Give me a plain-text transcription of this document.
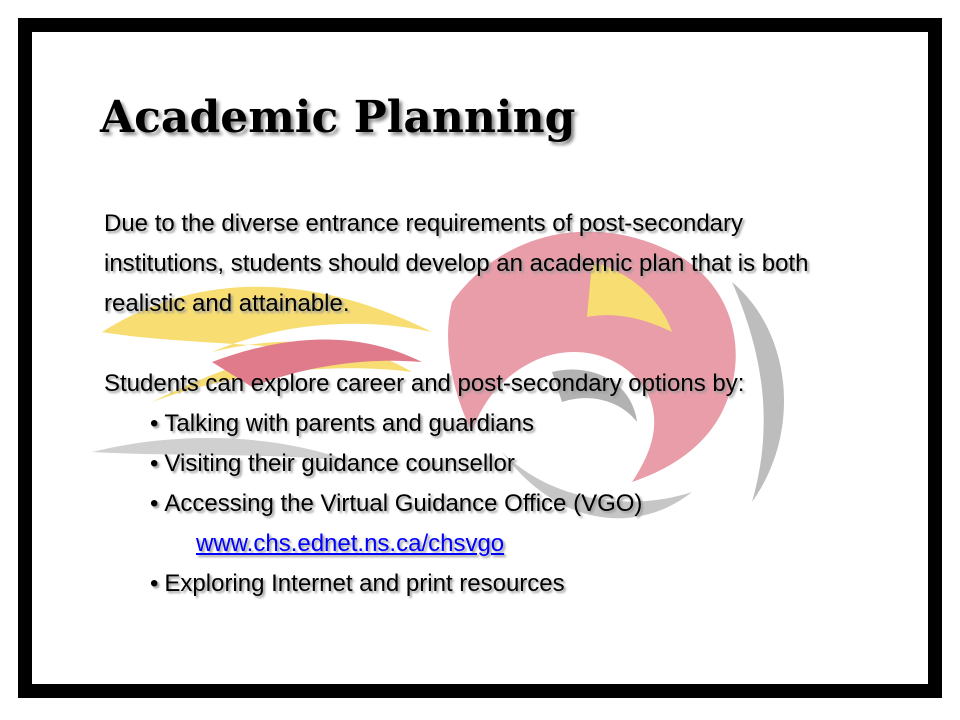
Academic Planning

Due to the diverse entrance requirements of post-secondary institutions, students should develop an academic plan that is both realistic and attainable.

Students can explore career and post-secondary options by:

• Talking with parents and guardians
• Visiting their guidance counsellor
• Accessing the Virtual Guidance Office (VGO)
www.chs.ednet.ns.ca/chsvgo
• Exploring Internet and print resources
